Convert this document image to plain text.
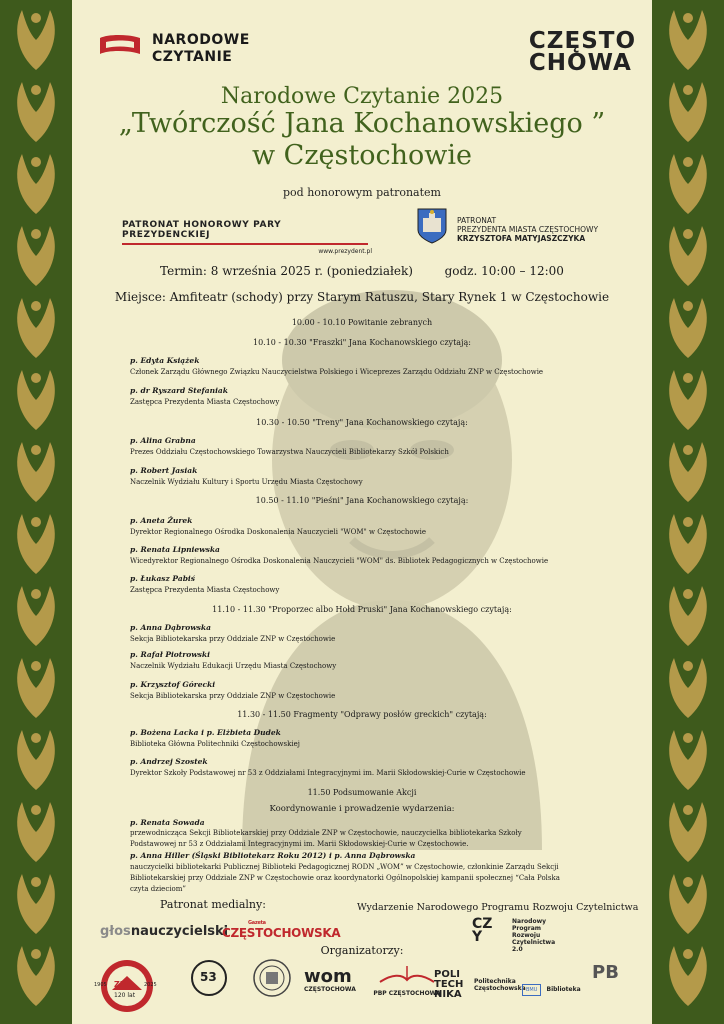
NARODOWE
CZYTANIE
CZĘSTO
CHOWA
Narodowe Czytanie 2025
„Twórczość Jana Kochanowskiego ”
w Częstochowie
pod honorowym patronatem
PATRONAT HONOROWY PARY PREZYDENCKIEJ
www.prezydent.pl
PATRONAT
PREZYDENTA MIASTA CZĘSTOCHOWY
KRZYSZTOFA MATYJASZCZYKA
Termin: 8 września 2025 r. (poniedziałek)	godz. 10:00 – 12:00
Miejsce: Amfiteatr (schody) przy Starym Ratuszu, Stary Rynek 1 w Częstochowie
10.00 - 10.10 Powitanie zebranych
10.10 - 10.30 "Fraszki" Jana Kochanowskiego czytają:
p. Edyta Książek
Członek Zarządu Głównego Związku Nauczycielstwa Polskiego i Wiceprezes Zarządu Oddziału ZNP w Częstochowie
p. dr Ryszard Stefaniak
Zastępca Prezydenta Miasta Częstochowy
10.30 - 10.50 "Treny" Jana Kochanowskiego czytają:
p. Alina Grabna
Prezes Oddziału Częstochowskiego Towarzystwa Nauczycieli Bibliotekarzy Szkół Polskich
p. Robert Jasiak
Naczelnik Wydziału Kultury i Sportu Urzędu Miasta Częstochowy
10.50 - 11.10 "Pieśni" Jana Kochanowskiego czytają:
p. Aneta Żurek
Dyrektor Regionalnego Ośrodka Doskonalenia Nauczycieli "WOM" w Częstochowie
p. Renata Lipniewska
Wicedyrektor Regionalnego Ośrodka Doskonalenia Nauczycieli "WOM" ds. Bibliotek Pedagogicznych w Częstochowie
p. Łukasz Pabiś
Zastępca Prezydenta Miasta Częstochowy
11.10 - 11.30 "Proporzec albo Hołd Pruski" Jana Kochanowskiego czytają:
p. Anna Dąbrowska
Sekcja Bibliotekarska przy Oddziale ZNP w Częstochowie
p. Rafał Piotrowski
Naczelnik Wydziału Edukacji Urzędu Miasta Częstochowy
p. Krzysztof Górecki
Sekcja Bibliotekarska przy Oddziale ZNP w Częstochowie
11.30 - 11.50 Fragmenty "Odprawy posłów greckich" czytają:
p. Bożena Lacka i p. Elżbieta Dudek
Biblioteka Główna Politechniki Częstochowskiej
p. Andrzej Szostek
Dyrektor Szkoły Podstawowej nr 53 z Oddziałami Integracyjnymi im. Marii Skłodowskiej-Curie w Częstochowie
11.50 Podsumowanie Akcji
Koordynowanie i prowadzenie wydarzenia:
p. Renata Sowada
przewodnicząca Sekcji Bibliotekarskiej przy Oddziale ZNP w Częstochowie, nauczycielka bibliotekarka Szkoły Podstawowej nr 53 z Oddziałami Integracyjnymi im. Marii Skłodowskiej-Curie w Częstochowie.
p. Anna Hiller (Śląski Bibliotekarz Roku 2012) i p. Anna Dąbrowska
nauczycielki bibliotekarki Publicznej Biblioteki Pedagogicznej RODN „WOM” w Częstochowie, członkinie Zarządu Sekcji Bibliotekarskiej przy Oddziale ZNP w Częstochowie oraz koordynatorki Ogólnopolskiej kampanii społecznej “Cała Polska czyta dzieciom”
Patronat medialny:	Wydarzenie Narodowego Programu Rozwoju Czytelnictwa
głosnauczycielski
Gazeta
CZĘSTOCHOWSKA
CZY
Narodowy Program Rozwoju Czytelnictwa 2.0
Organizatorzy:
ZNP
120 lat
1905	2025
53	wom
CZĘSTOCHOWA
PBP CZĘSTOCHOWA
POLI
TECH
NIKA
Politechnika Częstochowska BMU Biblioteka
PB
